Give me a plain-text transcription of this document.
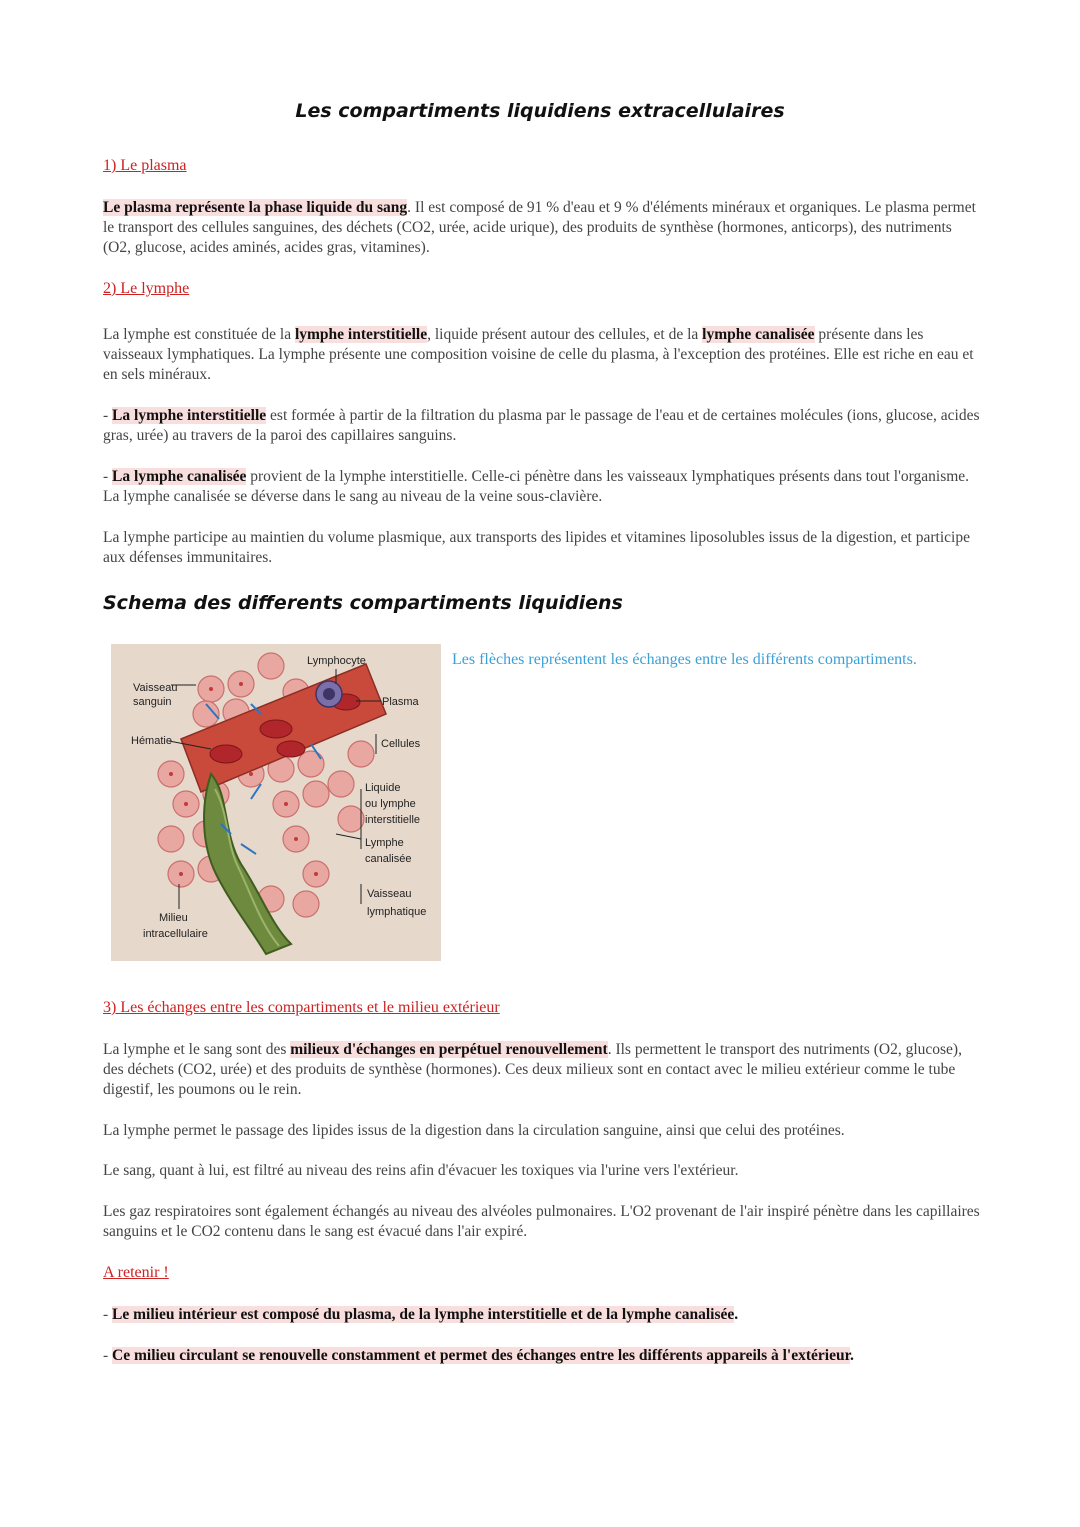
Les compartiments liquidiens extracellulaires
1) Le plasma

Le plasma représente la phase liquide du sang. Il est composé de 91 % d'eau et 9 % d'éléments minéraux et organiques. Le plasma permet le transport des cellules sanguines, des déchets (CO2, urée, acide urique), des produits de synthèse (hormones, anticorps), des nutriments (O2, glucose, acides aminés, acides gras, vitamines).

2) Le lymphe

La lymphe est constituée de la lymphe interstitielle, liquide présent autour des cellules, et de la lymphe canalisée présente dans les vaisseaux lymphatiques. La lymphe présente une composition voisine de celle du plasma, à l'exception des protéines. Elle est riche en eau et en sels minéraux.

- La lymphe interstitielle est formée à partir de la filtration du plasma par le passage de l'eau et de certaines molécules (ions, glucose, acides gras, urée) au travers de la paroi des capillaires sanguins.

- La lymphe canalisée provient de la lymphe interstitielle. Celle-ci pénètre dans les vaisseaux lymphatiques présents dans tout l'organisme. La lymphe canalisée se déverse dans le sang au niveau de la veine sous-clavière.

La lymphe participe au maintien du volume plasmique, aux transports des lipides et vitamines liposolubles issus de la digestion, et participe aux défenses immunitaires.

Schema des differents compartiments liquidiens
Lymphocyte
Vaisseau
sanguin	Plasma
Hématie	Cellules
Liquide
ou lymphe
interstitielle
Lymphe
canalisée
Vaisseau
lymphatique
Milieu
intracellulaire
Les flèches représentent les échanges entre les différents compartiments.
3) Les échanges entre les compartiments et le milieu extérieur

La lymphe et le sang sont des milieux d'échanges en perpétuel renouvellement. Ils permettent le transport des nutriments (O2, glucose), des déchets (CO2, urée) et des produits de synthèse (hormones). Ces deux milieux sont en contact avec le milieu extérieur comme le tube digestif, les poumons ou le rein.

La lymphe permet le passage des lipides issus de la digestion dans la circulation sanguine, ainsi que celui des protéines.

Le sang, quant à lui, est filtré au niveau des reins afin d'évacuer les toxiques via l'urine vers l'extérieur.

Les gaz respiratoires sont également échangés au niveau des alvéoles pulmonaires. L'O2 provenant de l'air inspiré pénètre dans les capillaires sanguins et le CO2 contenu dans le sang est évacué dans l'air expiré.

A retenir !

- Le milieu intérieur est composé du plasma, de la lymphe interstitielle et de la lymphe canalisée.

- Ce milieu circulant se renouvelle constamment et permet des échanges entre les différents appareils à l'extérieur.
